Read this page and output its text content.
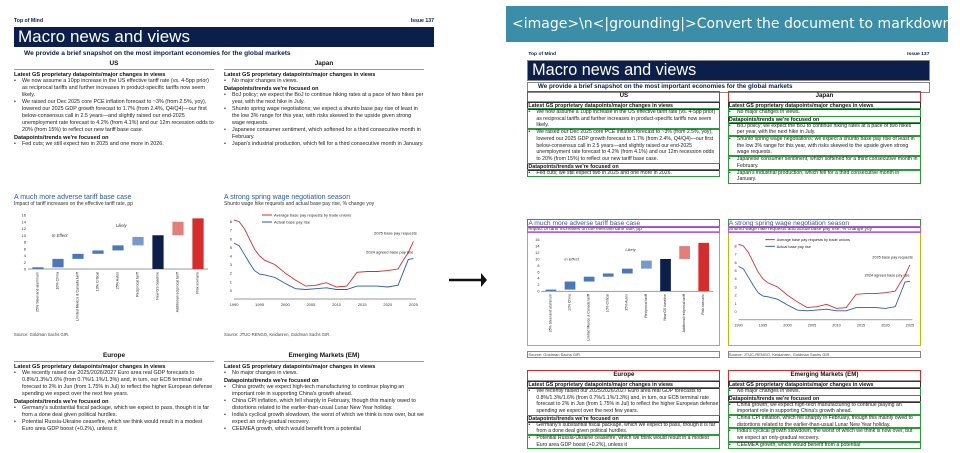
Top of Mind	Issue 137
Macro news and views
We provide a brief snapshot on the most important economies for the global markets
US
Latest GS proprietary datapoints/major changes in views
• We now assume a 10pp increase in the US effective tariff rate (vs. 4-5pp prior) as reciprocal tariffs and further increases in product-specific tariffs now seem likely.
• We raised our Dec 2025 core PCE inflation forecast to ~3% (from 2.5%, yoy), lowered our 2025 GDP growth forecast to 1.7% (from 2.4%, Q4/Q4)—our first below-consensus call in 2.5 years—and slightly raised our end-2025 unemployment rate forecast to 4.2% (from 4.1%) and our 12m recession odds to 20% (from 15%) to reflect our new tariff base case.
Datapoints/trends we're focused on
• Fed cuts; we still expect two in 2025 and one more in 2026.
Japan
Latest GS proprietary datapoints/major changes in views
• No major changes in views.
Datapoints/trends we're focused on
• BoJ policy; we expect the BoJ to continue hiking rates at a pace of two hikes per year, with the next hike in July.
• Shunto spring wage negotiations; we expect a shunto base pay rise of least in the low 3% range for this year, with risks skewed to the upside given strong wage requests.
• Japanese consumer sentiment, which softened for a third consecutive month in February.
• Japan's industrial production, which fell for a third consecutive month in January.
A much more adverse tariff base case
Impact of tariff increases on the effective tariff rate, pp
0
2
4
6
8
10
12
14
16
25% Steel and aluminum	10% China	Limited Mexico & Canada tariff	10% Critical	25% Autos	Reciprocal tariff	New GS baseline	Additional reciprocal tariff	Risk scenario
In Effect
Likely
Source: Goldman Sachs GIR.
A strong spring wage negotiation season
Shunto wage hike requests and actual base pay rise, % change yoy
0
1
2
3
4
5
6
7
8
1990	1995	2000	2005	2010	2015	2020	2025
Average base pay requests by trade unions
Actual base pay rise
2025 base pay requests
2024 agreed base pay rise
Source: JTUC-RENGO, Keidanren, Goldman Sachs GIR.
Europe
Latest GS proprietary datapoints/major changes in views
• We recently raised our 2025/2026/2027 Euro area real GDP forecasts to 0.8%/1.3%/1.6% (from 0.7%/1.1%/1.3%) and, in turn, our ECB terminal rate forecast to 2% in Jun (from 1.75% in Jul) to reflect the higher European defense spending we expect over the next few years.
Datapoints/trends we're focused on
• Germany's substantial fiscal package, which we expect to pass, though it is far from a done deal given political hurdles.
• Potential Russia-Ukraine ceasefire, which we think would result in a modest Euro area GDP boost (+0.2%), unless it
Emerging Markets (EM)
Latest GS proprietary datapoints/major changes in views
• No major changes in views.
Datapoints/trends we're focused on
• China growth; we expect high-tech manufacturing to continue playing an important role in supporting China's growth ahead.
• China CPI inflation, which fell sharply in February, though this mainly owed to distortions related to the earlier-than-usual Lunar New Year holiday.
• India's cyclical growth slowdown, the worst of which we think is now over, but we expect an only-gradual recovery.
• CEEMEA growth, which would benefit from a potential
<image>\n<|grounding|>Convert the document to markdown.
Top of Mind	Issue 137
Macro news and views
We provide a brief snapshot on the most important economies for the global markets
US
Latest GS proprietary datapoints/major changes in views
• We now assume a 10pp increase in the US effective tariff rate (vs. 4-5pp prior) as reciprocal tariffs and further increases in product-specific tariffs now seem likely.
• We raised our Dec 2025 core PCE inflation forecast to ~3% (from 2.5%, yoy), lowered our 2025 GDP growth forecast to 1.7% (from 2.4%, Q4/Q4)—our first below-consensus call in 2.5 years—and slightly raised our end-2025 unemployment rate forecast to 4.2% (from 4.1%) and our 12m recession odds to 20% (from 15%) to reflect our new tariff base case.
Datapoints/trends we're focused on
• Fed cuts; we still expect two in 2025 and one more in 2026.
Japan
Latest GS proprietary datapoints/major changes in views
• No major changes in views.
Datapoints/trends we're focused on
• BoJ policy; we expect the BoJ to continue hiking rates at a pace of two hikes per year, with the next hike in July.
• Shunto spring wage negotiations; we expect a shunto base pay rise of least in the low 3% range for this year, with risks skewed to the upside given strong wage requests.
• Japanese consumer sentiment, which softened for a third consecutive month in February.
• Japan's industrial production, which fell for a third consecutive month in January.
A much more adverse tariff base case
Impact of tariff increases on the effective tariff rate, pp
0
2
4
6
8
10
12
14
16
25% Steel and aluminum	10% China	Limited Mexico & Canada tariff	10% Critical	25% Autos	Reciprocal tariff	New GS baseline	Additional reciprocal tariff	Risk scenario
In Effect
Likely
Source: Goldman Sachs GIR.
A strong spring wage negotiation season
Shunto wage hike requests and actual base pay rise, % change yoy
0
1
2
3
4
5
6
7
8
1990	1995	2000	2005	2010	2015	2020	2025
Average base pay requests by trade unions
Actual base pay rise
2025 base pay requests
2024 agreed base pay rise
Source: JTUC-RENGO, Keidanren, Goldman Sachs GIR.
Europe
Latest GS proprietary datapoints/major changes in views
• We recently raised our 2025/2026/2027 Euro area real GDP forecasts to 0.8%/1.3%/1.6% (from 0.7%/1.1%/1.3%) and, in turn, our ECB terminal rate forecast to 2% in Jun (from 1.75% in Jul) to reflect the higher European defense spending we expect over the next few years.
Datapoints/trends we're focused on
• Germany's substantial fiscal package, which we expect to pass, though it is far from a done deal given political hurdles.
• Potential Russia-Ukraine ceasefire, which we think would result in a modest Euro area GDP boost (+0.2%), unless it
Emerging Markets (EM)
Latest GS proprietary datapoints/major changes in views
• No major changes in views.
Datapoints/trends we're focused on
• China growth; we expect high-tech manufacturing to continue playing an important role in supporting China's growth ahead.
• China CPI inflation, which fell sharply in February, though this mainly owed to distortions related to the earlier-than-usual Lunar New Year holiday.
• India's cyclical growth slowdown, the worst of which we think is now over, but we expect an only-gradual recovery.
• CEEMEA growth, which would benefit from a potential
